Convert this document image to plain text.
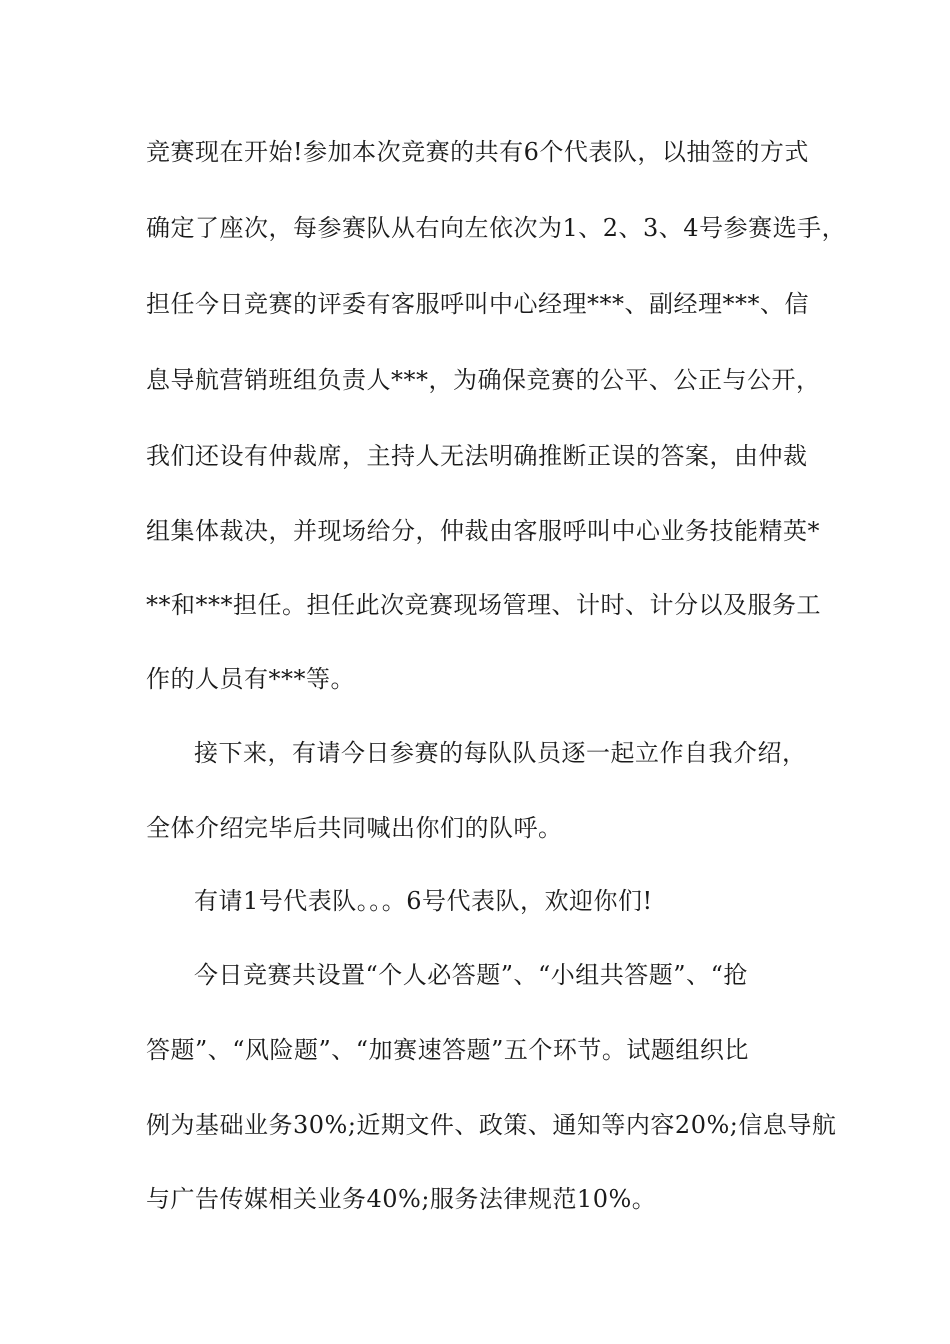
竞赛现在开始!参加本次竞赛的共有6个代表队，以抽签的方式
确定了座次，每参赛队从右向左依次为1、2、3、4号参赛选手，
担任今日竞赛的评委有客服呼叫中心经理***、副经理***、信
息导航营销班组负责人***，为确保竞赛的公平、公正与公开，
我们还设有仲裁席，主持人无法明确推断正误的答案，由仲裁
组集体裁决，并现场给分，仲裁由客服呼叫中心业务技能精英*
**和***担任。担任此次竞赛现场管理、计时、计分以及服务工
作的人员有***等。
接下来，有请今日参赛的每队队员逐一起立作自我介绍，
全体介绍完毕后共同喊出你们的队呼。
有请1号代表队。。。6号代表队，欢迎你们!
今日竞赛共设置“个人必答题”、“小组共答题”、“抢
答题”、“风险题”、“加赛速答题”五个环节。试题组织比
例为基础业务30%;近期文件、政策、通知等内容20%;信息导航
与广告传媒相关业务40%;服务法律规范10%。
